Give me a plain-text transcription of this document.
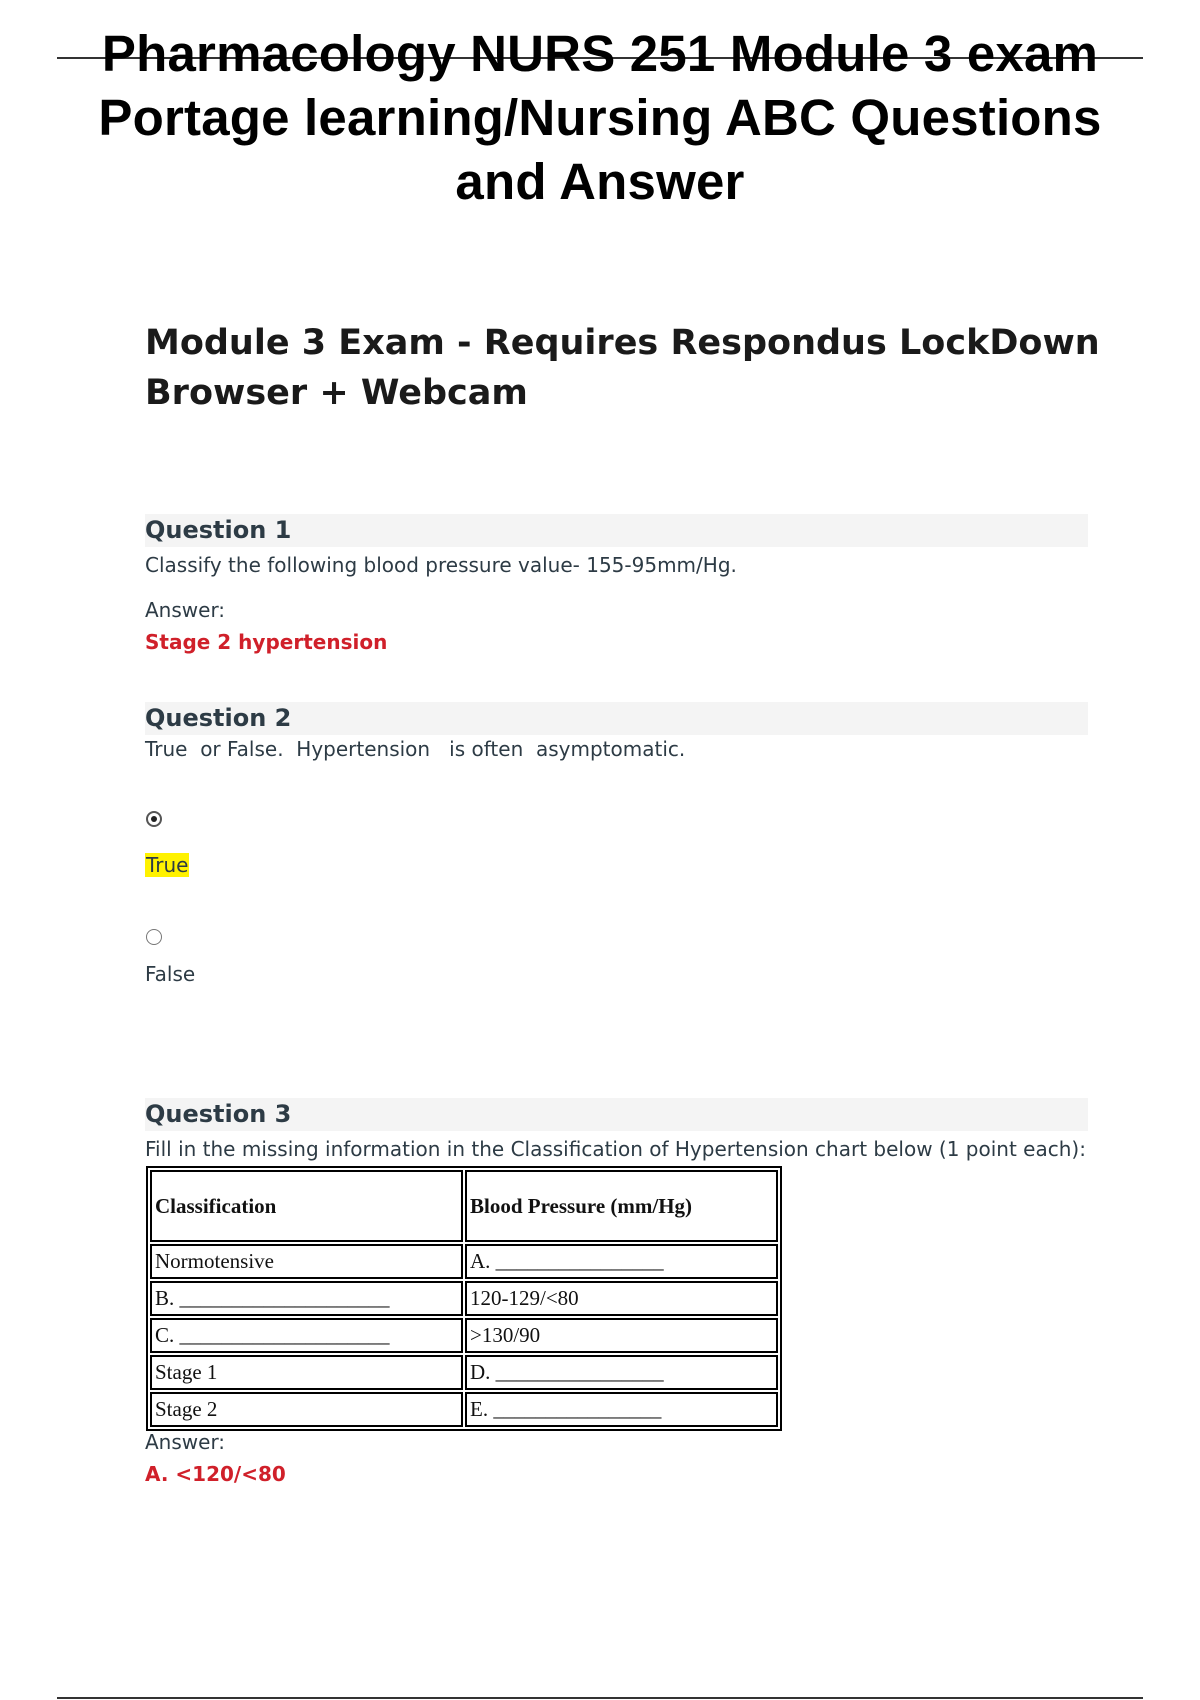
Pharmacology NURS 251 Module 3 exam Portage learning/Nursing ABC Questions and Answer
Module 3 Exam - Requires Respondus LockDown Browser + Webcam
Question 1
Classify the following blood pressure value- 155-95mm/Hg.
Answer:
Stage 2 hypertension
Question 2
True  or False.  Hypertension   is often  asymptomatic.
True
False
Question 3
Fill in the missing information in the Classification of Hypertension chart below (1 point each):
Classification	Blood Pressure (mm/Hg)
Normotensive	A. ________________
B. ____________________	120-129/<80
C. ____________________	>130/90
Stage 1	D. ________________
Stage 2	E. ________________
Answer:
A. <120/<80
